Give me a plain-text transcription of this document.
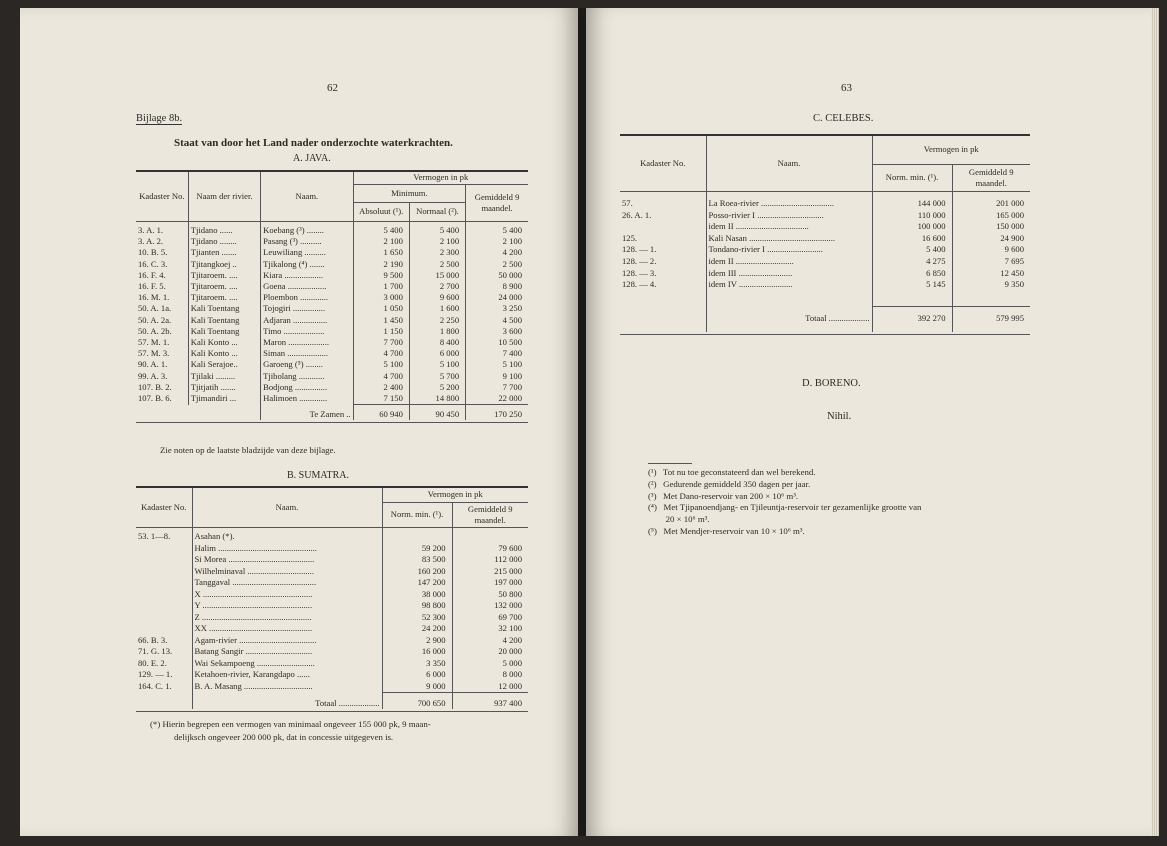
62
Bijlage 8b.
Staat van door het Land nader onderzochte waterkrachten.
A. JAVA.
Kadaster No.	Naam der rivier.	Naam.	Vermogen in pk		
			Minimum.		Gemiddeld 9 maandel.
			Absoluut (¹).	Normaal (²).	
3. A. 1.	Tjidano ......	Koebang (³) ........	5 400	5 400	5 400
3. A. 2.	Tjidano ........	Pasang (³) ..........	2 100	2 100	2 100
10. B. 5.	Tjianten .......	Leuwiliang ..........	1 650	2 300	4 200
16. C. 3.	Tjitangkoej ..	Tjikalong (⁴) .......	2 190	2 500	2 500
16. F. 4.	Tjitaroem. ....	Kiara ..................	9 500	15 000	50 000
16. F. 5.	Tjitaroem. ....	Goena ..................	1 700	2 700	8 900
16. M. 1.	Tjitaroem. ....	Ploembon .............	3 000	9 600	24 000
50. A. 1a.	Kali Toentang	Tojogiri ...............	1 050	1 600	3 250
50. A. 2a.	Kali Toentang	Adjaran ................	1 450	2 250	4 500
50. A. 2b.	Kali Toentang	Timo ...................	1 150	1 800	3 600
57. M. 1.	Kali Konto ...	Maron ...................	7 700	8 400	10 500
57. M. 3.	Kali Konto ...	Siman ...................	4 700	6 000	7 400
90. A. 1.	Kali Serajoe..	Garoeng (⁵) ........	5 100	5 100	5 100
99. A. 3.	Tjilaki .........	Tjibolang ............	4 700	5 700	9 100
107. B. 2.	Tjitjatih .......	Bodjong ...............	2 400	5 200	7 700
107. B. 6.	Tjimandiri ...	Halimoen .............	7 150	14 800	22 000
		Te Zamen ..	60 940	90 450	170 250

Zie noten op de laatste bladzijde van deze bijlage.
B. SUMATRA.
Kadaster No.	Naam.	Vermogen in pk	
		Norm. min. (¹).	Gemiddeld 9 maandel.
53. 1—8.	Asahan (*).		
	Halim ..............................................	59 200	79 600
	Si Morea ........................................	83 500	112 000
	Wilhelminaval ...............................	160 200	215 000
	Tanggaval .......................................	147 200	197 000
	X ...................................................	38 000	50 800
	Y ...................................................	98 800	132 000
	Z ...................................................	52 300	69 700
	XX ................................................	24 200	32 100
66. B. 3.	Agam-rivier ....................................	2 900	4 200
71. G. 13.	Batang Sangir ...............................	16 000	20 000
80. E. 2.	Wai Sekampoeng ...........................	3 350	5 000
129. — 1.	Ketahoen-rivier, Karangdapo ......	6 000	8 000
164. C. 1.	B. A. Masang ................................	9 000	12 000
	Totaal ...................	700 650	937 400

(*) Hierin begrepen een vermogen van minimaal ongeveer 155 000 pk, 9 maan-
delijksch ongeveer 200 000 pk, dat in concessie uitgegeven is.
63
C. CELEBES.
Kadaster No.	Naam.	Vermogen in pk	
		Norm. min. (¹).	Gemiddeld 9 maandel.
57.	La Roea-rivier ..................................	144 000	201 000
26. A. 1.	Posso-rivier I ...............................	110 000	165 000
	idem II ..................................	100 000	150 000
125.	Kali Nasan ........................................	16 600	24 900
128. — 1.	Tondano-rivier I ..........................	5 400	9 600
128. — 2.	idem II ...........................	4 275	7 695
128. — 3.	idem III .........................	6 850	12 450
128. — 4.	idem IV .........................	5 145	9 350

	Totaal ...................	392 270	579 995

D. BORENO.
Nihil.
(¹)   Tot nu toe geconstateerd dan wel berekend.
(²)   Gedurende gemiddeld 350 dagen per jaar.
(³)   Met Dano-reservoir van 200 × 10⁶ m³.
(⁴)   Met Tjipanoendjang- en Tjileuntja-reservoir ter gezamenlijke grootte van
20 × 10⁶ m³.
(⁵)   Met Mendjer-reservoir van 10 × 10⁶ m³.
